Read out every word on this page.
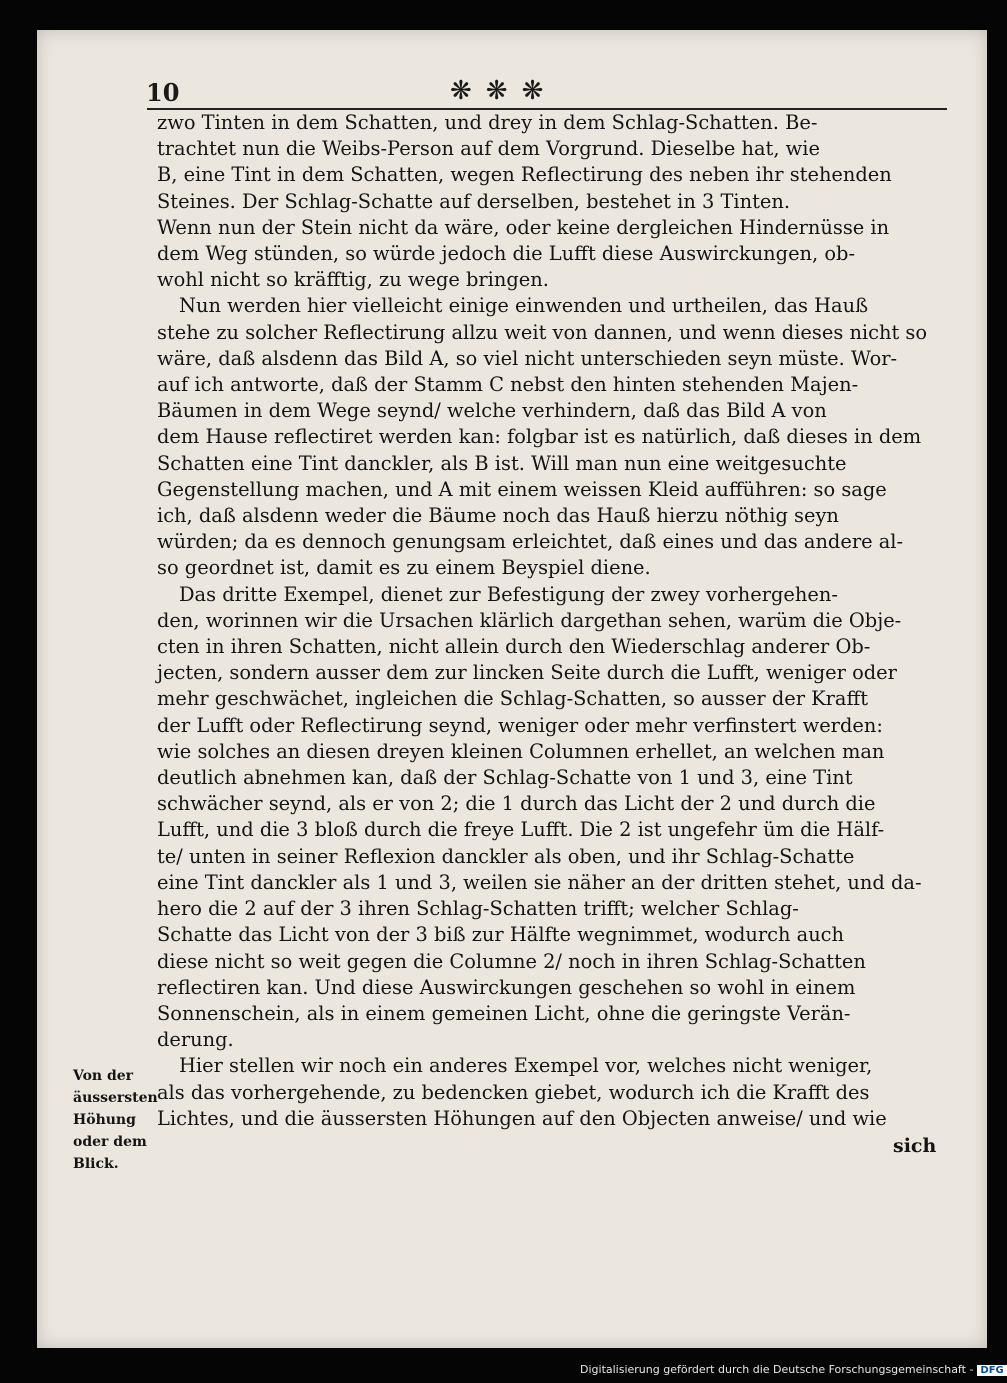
10	❋❋❋
zwo Tinten in dem Schatten, und drey in dem Schlag-Schatten. Be-
trachtet nun die Weibs-Person auf dem Vorgrund. Dieselbe hat, wie
B, eine Tint in dem Schatten, wegen Reflectirung des neben ihr stehenden
Steines. Der Schlag-Schatte auf derselben, bestehet in 3 Tinten.
Wenn nun der Stein nicht da wäre, oder keine dergleichen Hindernüsse in
dem Weg stünden, so würde jedoch die Lufft diese Auswirckungen, ob-
wohl nicht so kräfftig, zu wege bringen.
Nun werden hier vielleicht einige einwenden und urtheilen, das Hauß
stehe zu solcher Reflectirung allzu weit von dannen, und wenn dieses nicht so
wäre, daß alsdenn das Bild A, so viel nicht unterschieden seyn müste. Wor-
auf ich antworte, daß der Stamm C nebst den hinten stehenden Majen-
Bäumen in dem Wege seynd/ welche verhindern, daß das Bild A von
dem Hause reflectiret werden kan: folgbar ist es natürlich, daß dieses in dem
Schatten eine Tint danckler, als B ist. Will man nun eine weitgesuchte
Gegenstellung machen, und A mit einem weissen Kleid aufführen: so sage
ich, daß alsdenn weder die Bäume noch das Hauß hierzu nöthig seyn
würden; da es dennoch genungsam erleichtet, daß eines und das andere al-
so geordnet ist, damit es zu einem Beyspiel diene.
Das dritte Exempel, dienet zur Befestigung der zwey vorhergehen-
den, worinnen wir die Ursachen klärlich dargethan sehen, warüm die Obje-
cten in ihren Schatten, nicht allein durch den Wiederschlag anderer Ob-
jecten, sondern ausser dem zur lincken Seite durch die Lufft, weniger oder
mehr geschwächet, ingleichen die Schlag-Schatten, so ausser der Krafft
der Lufft oder Reflectirung seynd, weniger oder mehr verfinstert werden:
wie solches an diesen dreyen kleinen Columnen erhellet, an welchen man
deutlich abnehmen kan, daß der Schlag-Schatte von 1 und 3, eine Tint
schwächer seynd, als er von 2; die 1 durch das Licht der 2 und durch die
Lufft, und die 3 bloß durch die freye Lufft. Die 2 ist ungefehr üm die Hälf-
te/ unten in seiner Reflexion danckler als oben, und ihr Schlag-Schatte
eine Tint danckler als 1 und 3, weilen sie näher an der dritten stehet, und da-
hero die 2 auf der 3 ihren Schlag-Schatten trifft; welcher Schlag-
Schatte das Licht von der 3 biß zur Hälfte wegnimmet, wodurch auch
diese nicht so weit gegen die Columne 2/ noch in ihren Schlag-Schatten
reflectiren kan. Und diese Auswirckungen geschehen so wohl in einem
Sonnenschein, als in einem gemeinen Licht, ohne die geringste Verän-
derung.
Hier stellen wir noch ein anderes Exempel vor, welches nicht weniger,
als das vorhergehende, zu bedencken giebet, wodurch ich die Krafft des
Lichtes, und die äussersten Höhungen auf den Objecten anweise/ und wie
Von der
äussersten
Höhung
oder dem
Blick.
sich
Digitalisierung gefördert durch die Deutsche Forschungsgemeinschaft - DFG
